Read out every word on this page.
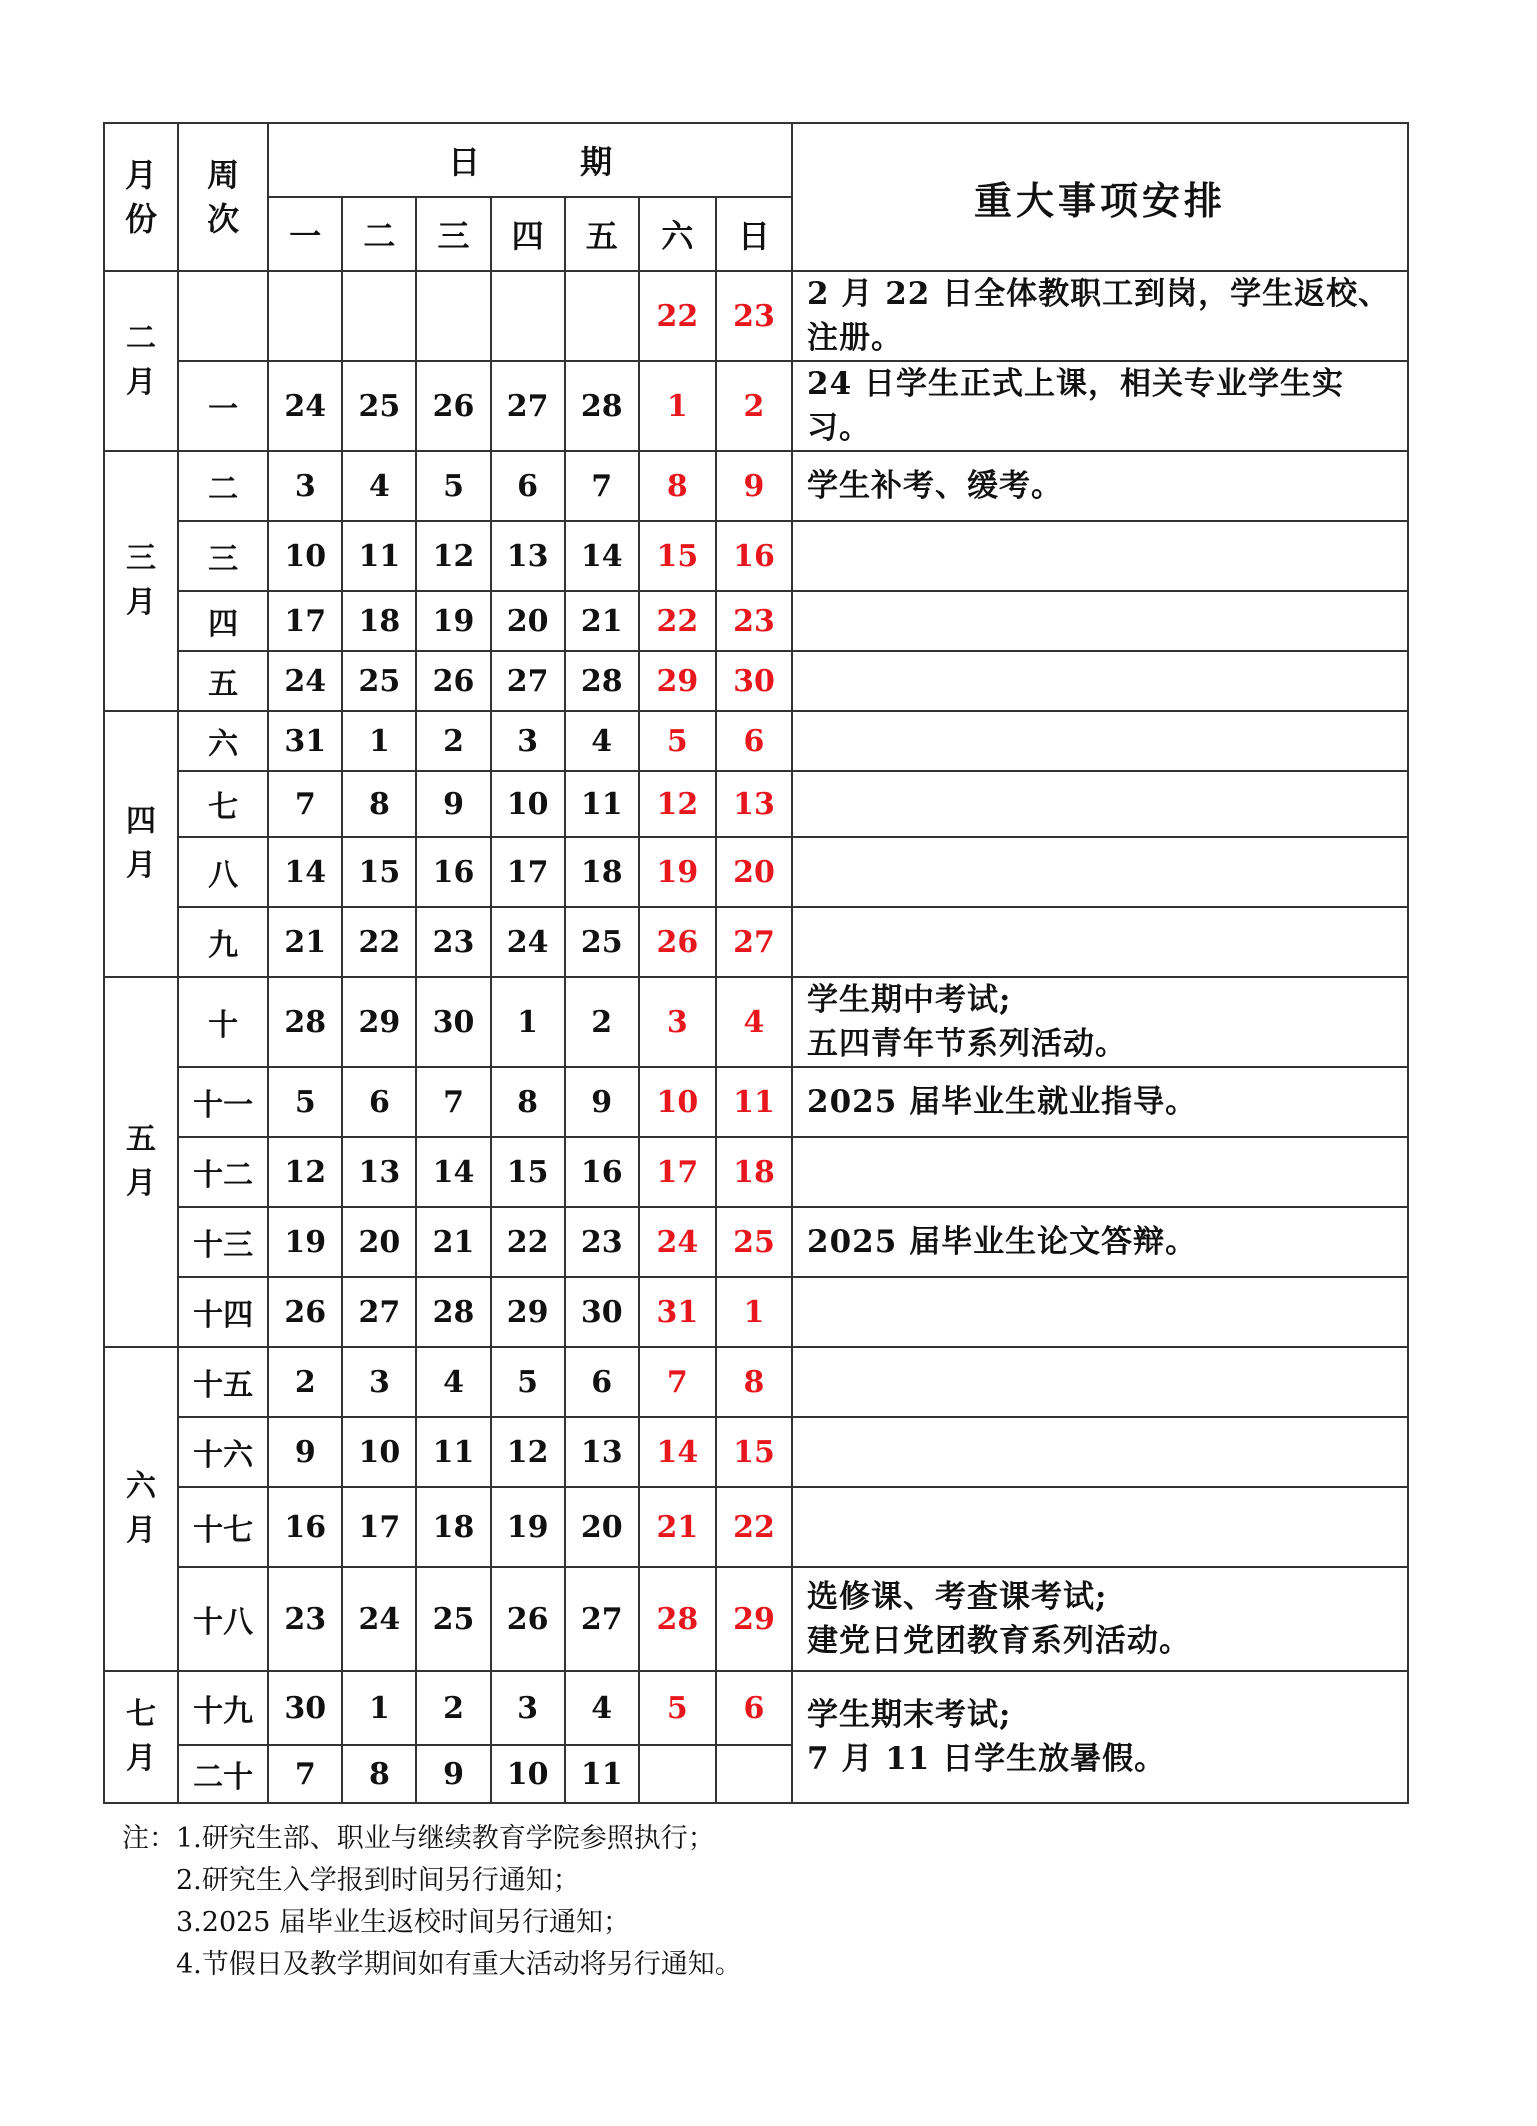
月
份	周
次	日期							重大事项安排
		一	二	三	四	五	六	日	
二
月							22	23	2 月 22 日全体教职工到岗，学生返校、注册。
	一	24	25	26	27	28	1	2	24 日学生正式上课，相关专业学生实习。
三
月	二	3	4	5	6	7	8	9	学生补考、缓考。
	三	10	11	12	13	14	15	16	
	四	17	18	19	20	21	22	23	
	五	24	25	26	27	28	29	30	
四
月	六	31	1	2	3	4	5	6	
	七	7	8	9	10	11	12	13	
	八	14	15	16	17	18	19	20	
	九	21	22	23	24	25	26	27	
五
月	十	28	29	30	1	2	3	4	学生期中考试;
五四青年节系列活动。
	十一	5	6	7	8	9	10	11	2025 届毕业生就业指导。
	十二	12	13	14	15	16	17	18	
	十三	19	20	21	22	23	24	25	2025 届毕业生论文答辩。
	十四	26	27	28	29	30	31	1	
六
月	十五	2	3	4	5	6	7	8	
	十六	9	10	11	12	13	14	15	
	十七	16	17	18	19	20	21	22	
	十八	23	24	25	26	27	28	29	选修课、考查课考试;
建党日党团教育系列活动。
七
月	十九	30	1	2	3	4	5	6	学生期末考试;
7 月 11 日学生放暑假。
	二十	7	8	9	10	11			
注：1.研究生部、职业与继续教育学院参照执行；
2.研究生入学报到时间另行通知；
3.2025 届毕业生返校时间另行通知；
4.节假日及教学期间如有重大活动将另行通知。
